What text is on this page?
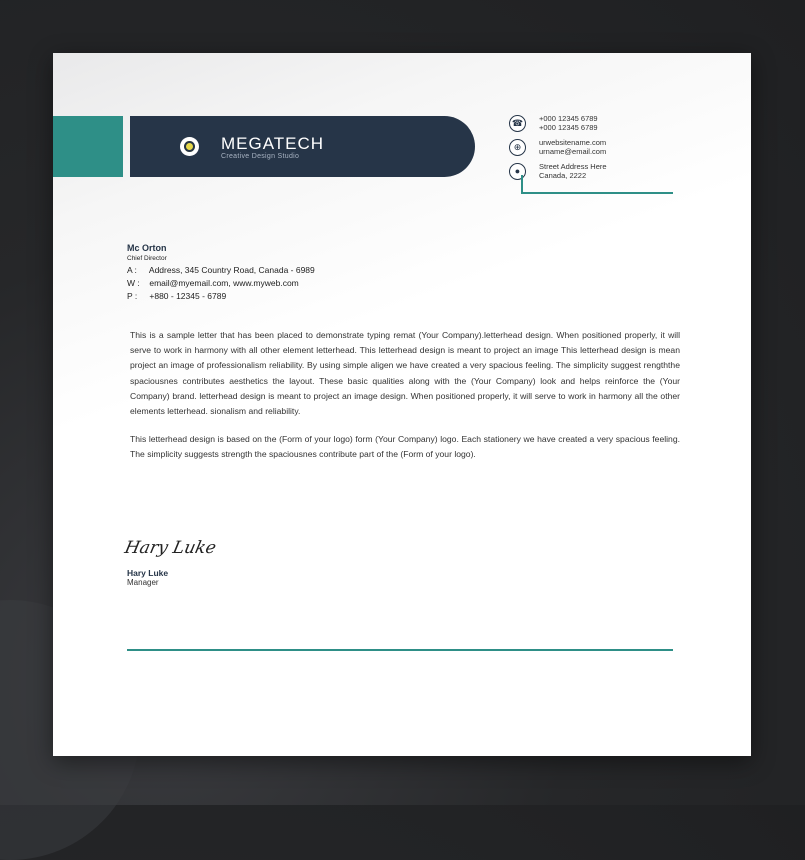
MEGATECH
Creative Design Studio
☎	+000 12345 6789
+000 12345 6789
⊕	urwebsitename.com
urname@email.com
●	Street Address Here
Canada, 2222
Mc Orton
Chief Director
A : Address, 345 Country Road, Canada - 6989
W : email@myemail.com, www.myweb.com
P : +880 - 12345 - 6789

This is a sample letter that has been placed to demonstrate typing remat (Your Company).letterhead design. When positioned properly, it will serve to work in harmony with all other element letterhead. This letterhead design is meant to project an image This letterhead design is mean project an image of professionalism reliability. By using simple aligen we have created a very spacious feeling. The simplicity suggest rengththe spaciousnes contributes aesthetics the layout. These basic qualities along with the (Your Company) look and helps reinforce the (Your Company) brand. letterhead design is meant to project an image design. When positioned properly, it will serve to work in harmony all the other elements letterhead. sionalism and reliability.

This letterhead design is based on the (Form of your logo) form (Your Company) logo. Each stationery we have created a very spacious feeling. The simplicity suggests strength the spaciousnes contribute part of the (Form of your logo).

Hary Luke
Hary Luke
Manager
